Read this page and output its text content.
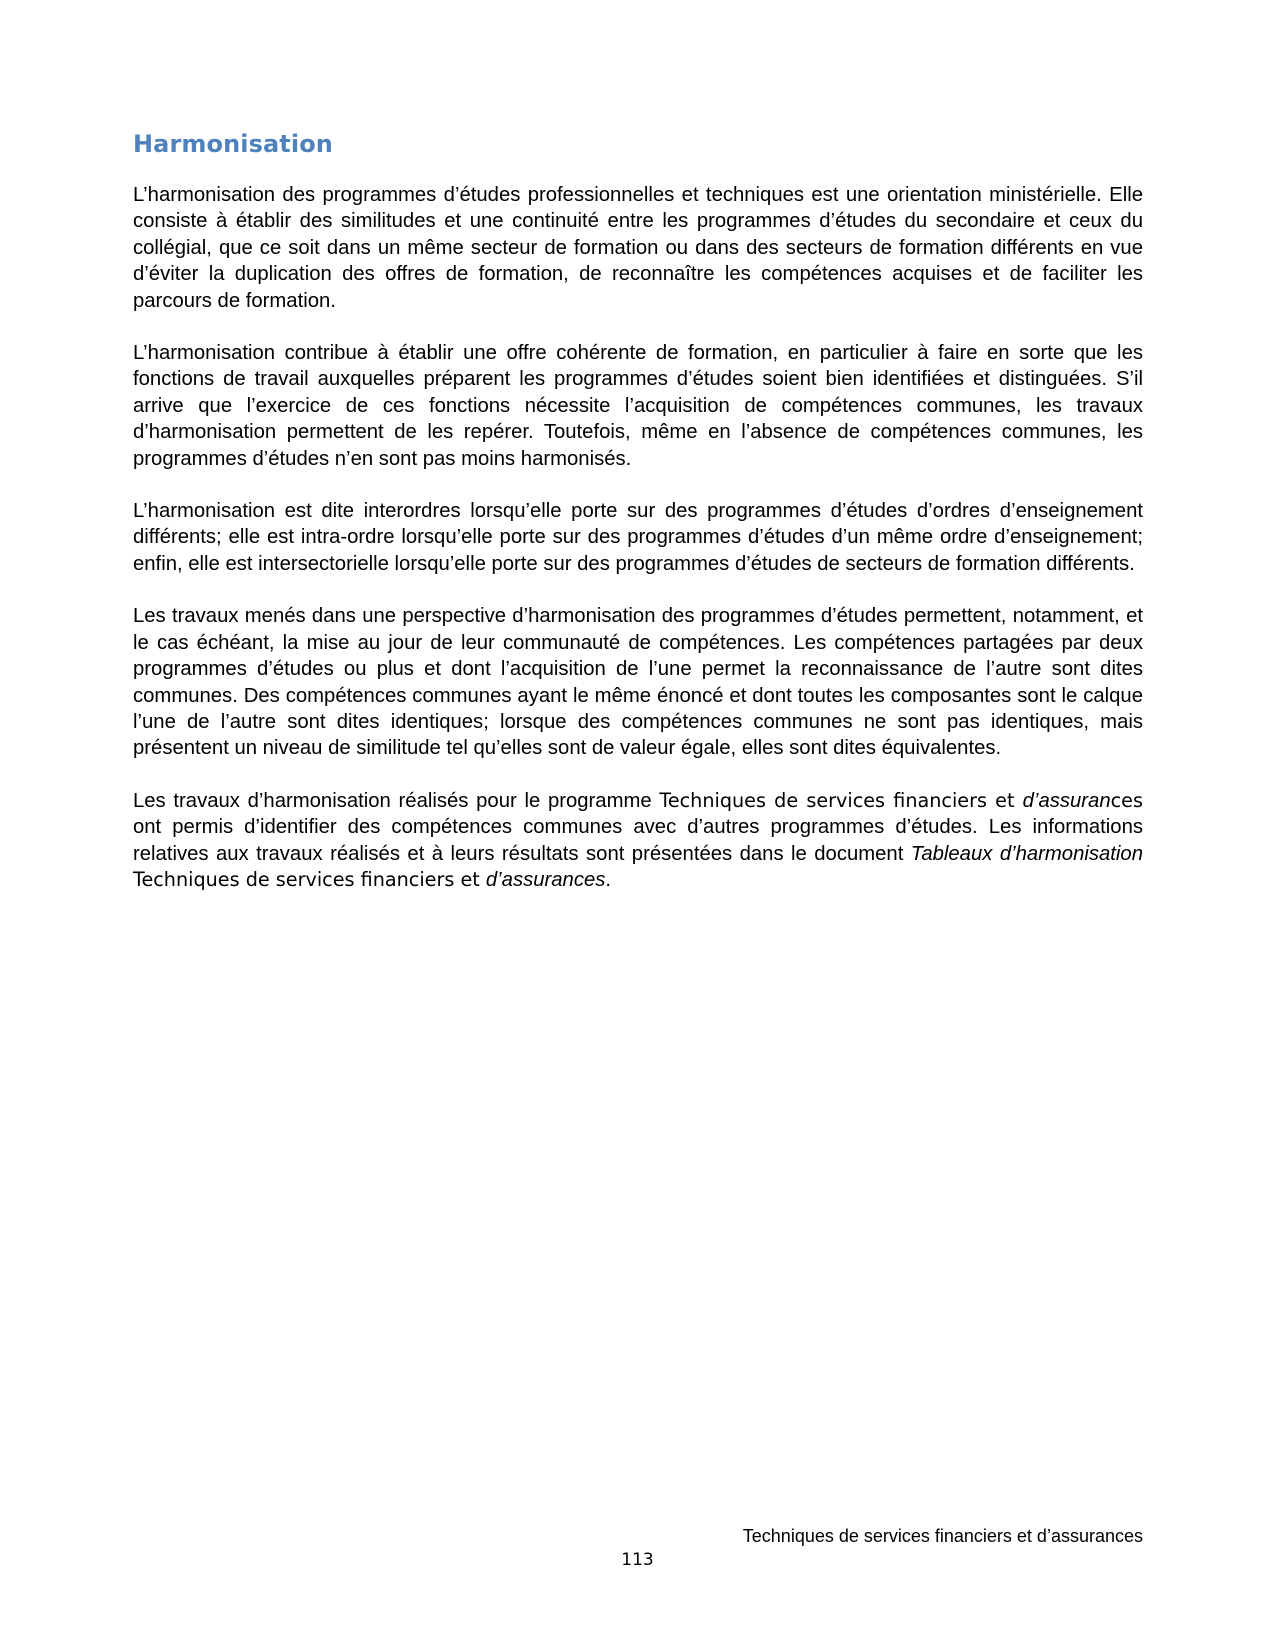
Harmonisation

L’harmonisation des programmes d’études professionnelles et techniques est une orientation ministérielle. Elle consiste à établir des similitudes et une continuité entre les programmes d’études du secondaire et ceux du collégial, que ce soit dans un même secteur de formation ou dans des secteurs de formation différents en vue d’éviter la duplication des offres de formation, de reconnaître les compétences acquises et de faciliter les parcours de formation.

L’harmonisation contribue à établir une offre cohérente de formation, en particulier à faire en sorte que les fonctions de travail auxquelles préparent les programmes d’études soient bien identifiées et distinguées. S’il arrive que l’exercice de ces fonctions nécessite l’acquisition de compétences communes, les travaux d’harmonisation permettent de les repérer. Toutefois, même en l’absence de compétences communes, les programmes d’études n’en sont pas moins harmonisés.

L’harmonisation est dite interordres lorsqu’elle porte sur des programmes d’études d’ordres d’enseignement différents; elle est intra-ordre lorsqu’elle porte sur des programmes d’études d’un même ordre d’enseignement; enfin, elle est intersectorielle lorsqu’elle porte sur des programmes d’études de secteurs de formation différents.

Les travaux menés dans une perspective d’harmonisation des programmes d’études permettent, notamment, et le cas échéant, la mise au jour de leur communauté de compétences. Les compétences partagées par deux programmes d’études ou plus et dont l’acquisition de l’une permet la reconnaissance de l’autre sont dites communes. Des compétences communes ayant le même énoncé et dont toutes les composantes sont le calque l’une de l’autre sont dites identiques; lorsque des compétences communes ne sont pas identiques, mais présentent un niveau de similitude tel qu’elles sont de valeur égale, elles sont dites équivalentes.

Les travaux d’harmonisation réalisés pour le programme Techniques de services financiers et d’assurances ont permis d’identifier des compétences communes avec d’autres programmes d’études. Les informations relatives aux travaux réalisés et à leurs résultats sont présentées dans le document Tableaux d’harmonisation Techniques de services financiers et d’assurances.

Techniques de services financiers et d’assurances
113
